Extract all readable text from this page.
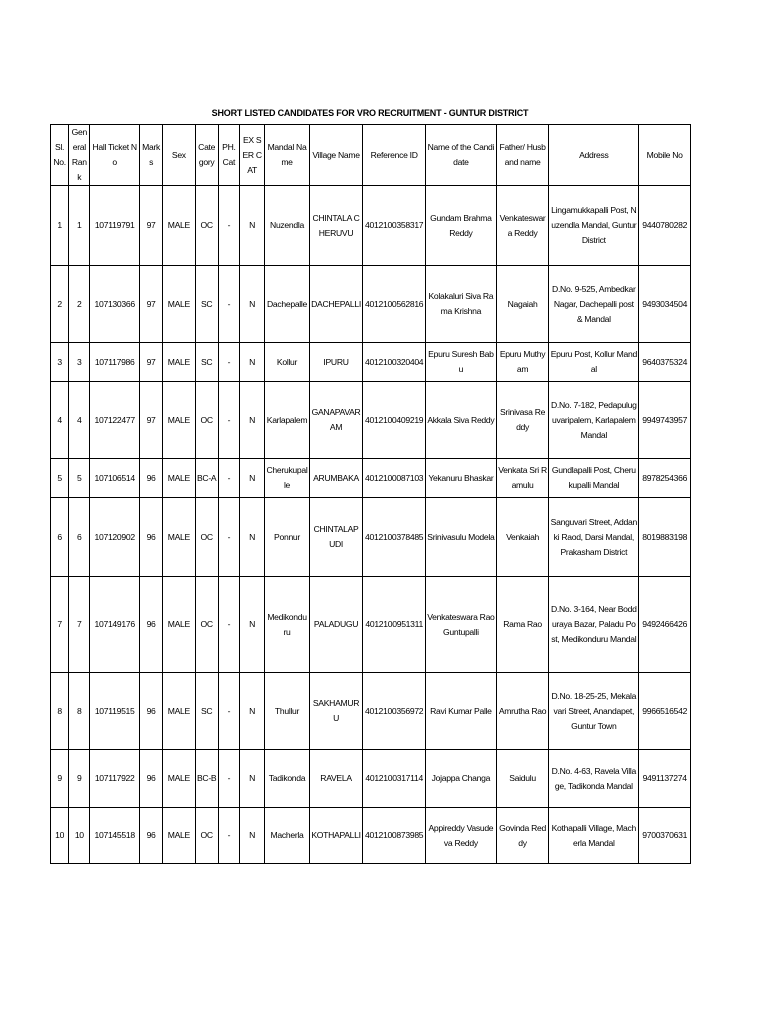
SHORT LISTED CANDIDATES FOR VRO RECRUITMENT - GUNTUR DISTRICT
Sl. No.	General Rank	Hall Ticket No	Marks	Sex	Category	PH.Cat	EX SER CAT	Mandal Name	Village Name	Reference ID	Name of the Candidate	Father/ Husband name	Address	Mobile No
1	1	107119791	97	MALE	OC	-	N	Nuzendla	CHINTALA CHERUVU	4012100358317	Gundam Brahma Reddy	Venkateswara Reddy	Lingamukkapalli Post, Nuzendla Mandal, Guntur District	9440780282
2	2	107130366	97	MALE	SC	-	N	Dachepalle	DACHEPALLI	4012100562816	Kolakaluri Siva Rama Krishna	Nagaiah	D.No. 9-525, Ambedkar Nagar, Dachepalli post & Mandal	9493034504
3	3	107117986	97	MALE	SC	-	N	Kollur	IPURU	4012100320404	Epuru Suresh Babu	Epuru Muthyam	Epuru Post, Kollur Mandal	9640375324
4	4	107122477	97	MALE	OC	-	N	Karlapalem	GANAPAVARAM	4012100409219	Akkala Siva Reddy	Srinivasa Reddy	D.No. 7-182, Pedapuluguvaripalem, Karlapalem Mandal	9949743957
5	5	107106514	96	MALE	BC-A	-	N	Cherukupalle	ARUMBAKA	4012100087103	Yekanuru Bhaskar	Venkata Sri Ramulu	Gundlapalli Post, Cherukupalli Mandal	8978254366
6	6	107120902	96	MALE	OC	-	N	Ponnur	CHINTALAPUDI	4012100378485	Srinivasulu Modela	Venkaiah	Sanguvari Street, Addanki Raod, Darsi Mandal, Prakasham District	8019883198
7	7	107149176	96	MALE	OC	-	N	Medikonduru	PALADUGU	4012100951311	Venkateswara Rao Guntupalli	Rama Rao	D.No. 3-164, Near Bodduraya Bazar, Paladu Post, Medikonduru Mandal	9492466426
8	8	107119515	96	MALE	SC	-	N	Thullur	SAKHAMURU	4012100356972	Ravi Kumar Palle	Amrutha Rao	D.No. 18-25-25, Mekalavari Street, Anandapet, Guntur Town	9966516542
9	9	107117922	96	MALE	BC-B	-	N	Tadikonda	RAVELA	4012100317114	Jojappa Changa	Saidulu	D.No. 4-63, Ravela Village, Tadikonda Mandal	9491137274
10	10	107145518	96	MALE	OC	-	N	Macherla	KOTHAPALLI	4012100873985	Appireddy Vasudeva Reddy	Govinda Reddy	Kothapalli Village, Macherla Mandal	9700370631
